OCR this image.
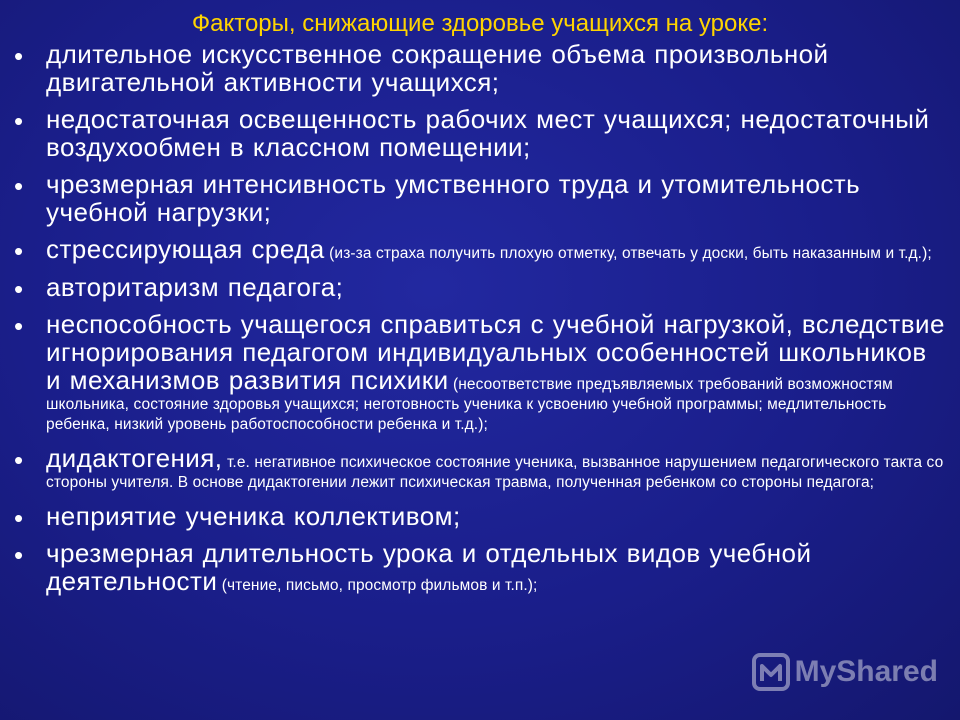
Факторы, снижающие здоровье учащихся на уроке:
• длительное искусственное сокращение объема произвольной двигательной активности учащихся;
• недостаточная освещенность рабочих мест учащихся; недостаточный воздухообмен в классном помещении;
• чрезмерная интенсивность умственного труда и утомительность учебной нагрузки;
• стрессирующая среда (из-за страха получить плохую отметку, отвечать у доски, быть наказанным и т.д.);
• авторитаризм педагога;
• неспособность учащегося справиться с учебной нагрузкой, вследствие игнорирования педагогом индивидуальных особенностей школьников и механизмов развития психики (несоответствие предъявляемых требований возможностям школьника, состояние здоровья учащихся; неготовность ученика к усвоению учебной программы; медлительность ребенка, низкий уровень работоспособности ребенка и т.д.);
• дидактогения, т.е. негативное психическое состояние ученика, вызванное нарушением педагогического такта со стороны учителя. В основе дидактогении лежит психическая травма, полученная ребенком со стороны педагога;
• неприятие ученика коллективом;
• чрезмерная длительность урока и отдельных видов учебной деятельности (чтение, письмо, просмотр фильмов и т.п.);
MyShared
